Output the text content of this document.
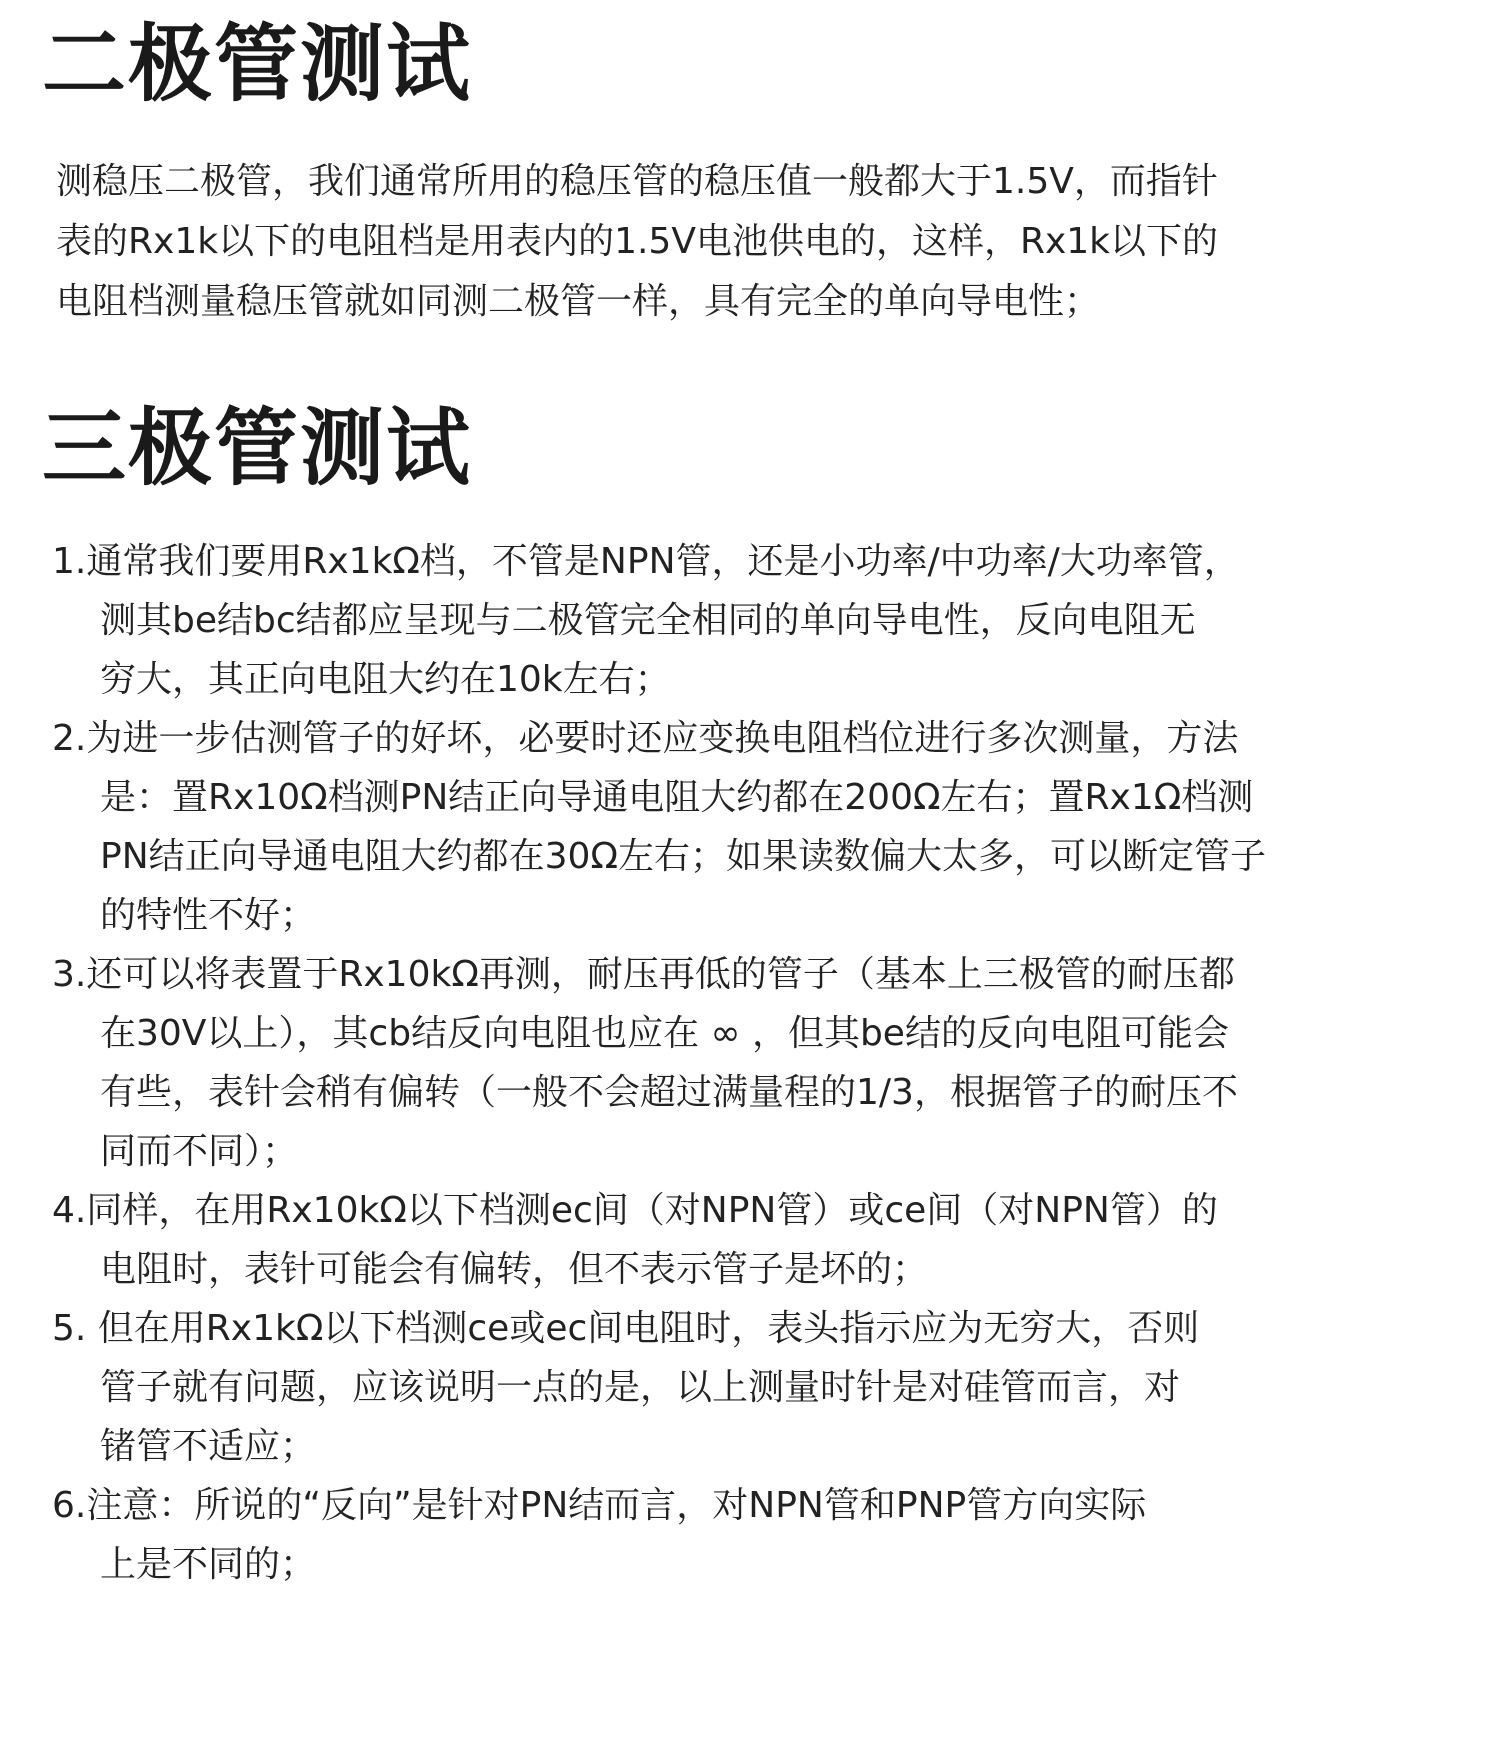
二极管测试

测稳压二极管，我们通常所用的稳压管的稳压值一般都大于1.5V，而指针
表的Rx1k以下的电阻档是用表内的1.5V电池供电的，这样，Rx1k以下的
电阻档测量稳压管就如同测二极管一样，具有完全的单向导电性；

三极管测试
1.通常我们要用Rx1kΩ档，不管是NPN管，还是小功率/中功率/大功率管，
测其be结bc结都应呈现与二极管完全相同的单向导电性，反向电阻无
穷大，其正向电阻大约在10k左右；
2.为进一步估测管子的好坏，必要时还应变换电阻档位进行多次测量，方法
是：置Rx10Ω档测PN结正向导通电阻大约都在200Ω左右；置Rx1Ω档测
PN结正向导通电阻大约都在30Ω左右；如果读数偏大太多，可以断定管子
的特性不好；
3.还可以将表置于Rx10kΩ再测，耐压再低的管子（基本上三极管的耐压都
在30V以上），其cb结反向电阻也应在 ∞ ，但其be结的反向电阻可能会
有些，表针会稍有偏转（一般不会超过满量程的1/3，根据管子的耐压不
同而不同）；
4.同样，在用Rx10kΩ以下档测ec间（对NPN管）或ce间（对NPN管）的
电阻时，表针可能会有偏转，但不表示管子是坏的；
5. 但在用Rx1kΩ以下档测ce或ec间电阻时，表头指示应为无穷大，否则
管子就有问题，应该说明一点的是，以上测量时针是对硅管而言，对
锗管不适应；
6.注意：所说的“反向”是针对PN结而言，对NPN管和PNP管方向实际
上是不同的；
